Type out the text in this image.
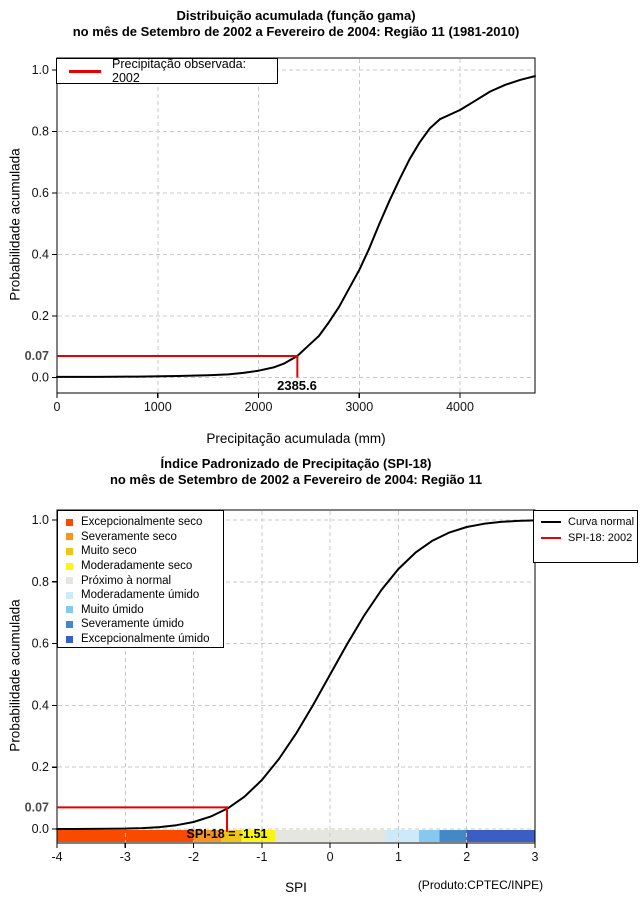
0	1000	2000	3000	4000
1.0
0.8
0.6
0.4
0.2
0.0
0.07
-4	-3	-2	-1	0	1	2	3
1.0
0.8
0.6
0.4
0.2
0.0
0.07
Distribuição acumulada (função gama)
no mês de Setembro de 2002 a Fevereiro de 2004: Região 11 (1981-2010)
Probabilidade acumulada
Precipitação acumulada (mm)
2385.6
Precipitação observada: 2002
Índice Padronizado de Precipitação (SPI-18)
no mês de Setembro de 2002 a Fevereiro de 2004: Região 11
Probabilidade acumulada
SPI	(Produto:CPTEC/INPE)
SPI-18 = -1.51
Excepcionalmente seco
Severamente seco
Muito seco
Moderadamente seco
Próximo à normal
Moderadamente úmido
Muito úmido
Severamente úmido
Excepcionalmente úmido
Curva normal
SPI-18: 2002
